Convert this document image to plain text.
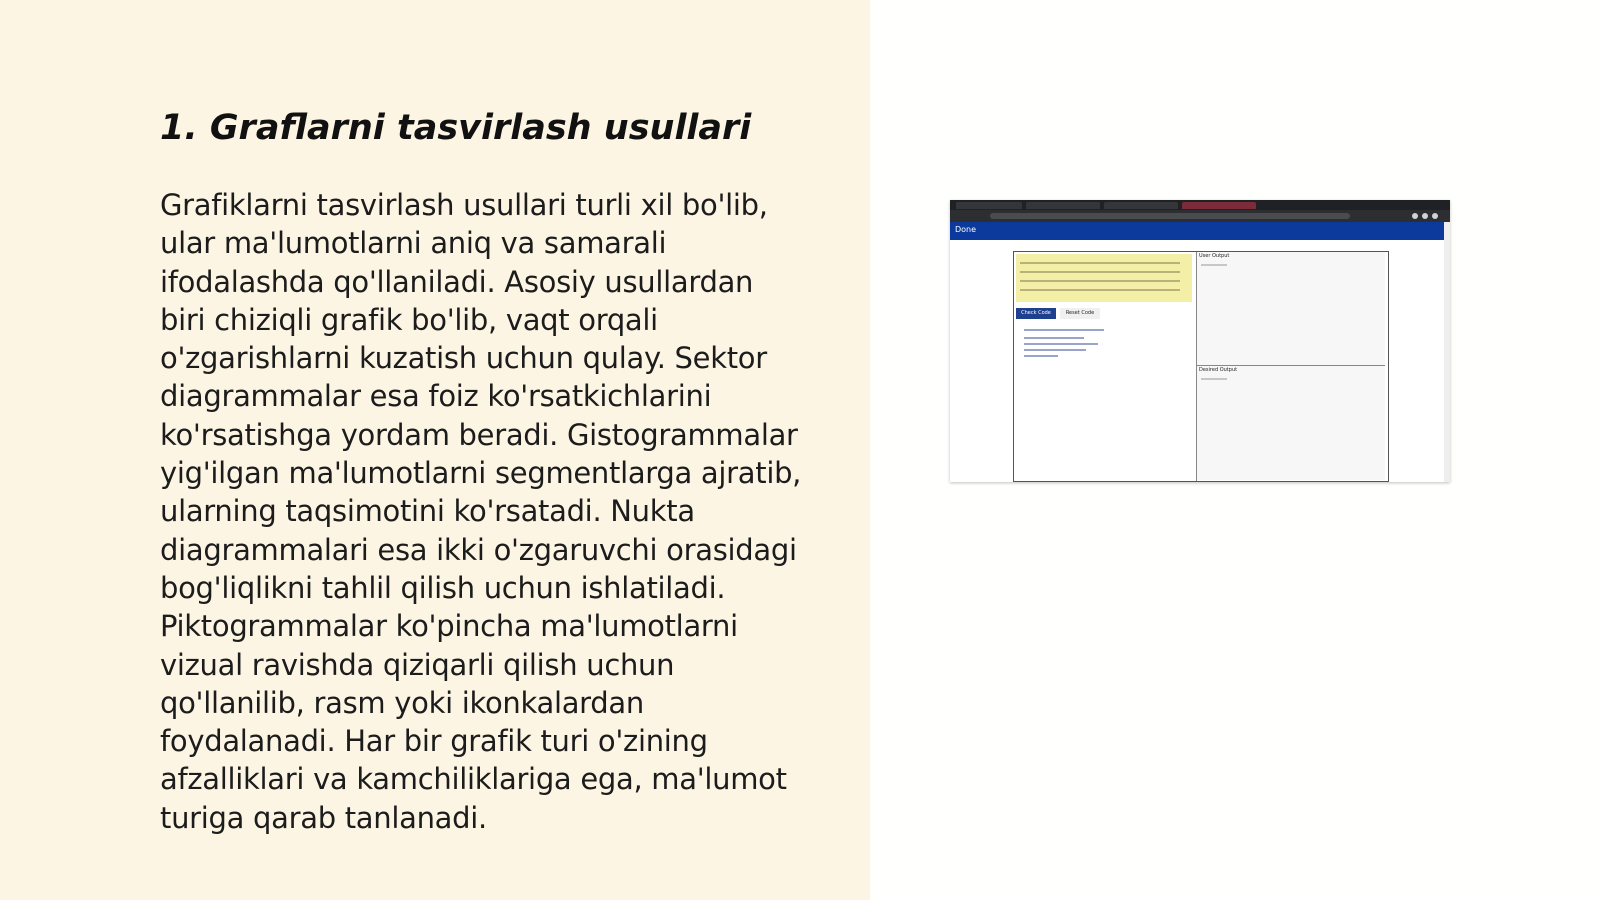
1. Graflarni tasvirlash usullari
Grafiklarni tasvirlash usullari turli xil bo'lib,
ular ma'lumotlarni aniq va samarali
ifodalashda qo'llaniladi. Asosiy usullardan
biri chiziqli grafik bo'lib, vaqt orqali
o'zgarishlarni kuzatish uchun qulay. Sektor
diagrammalar esa foiz ko'rsatkichlarini
ko'rsatishga yordam beradi. Gistogrammalar
yig'ilgan ma'lumotlarni segmentlarga ajratib,
ularning taqsimotini ko'rsatadi. Nukta
diagrammalari esa ikki o'zgaruvchi orasidagi
bog'liqlikni tahlil qilish uchun ishlatiladi.
Piktogrammalar ko'pincha ma'lumotlarni
vizual ravishda qiziqarli qilish uchun
qo'llanilib, rasm yoki ikonkalardan
foydalanadi. Har bir grafik turi o'zining
afzalliklari va kamchiliklariga ega, ma'lumot
turiga qarab tanlanadi.
Done
Check Code	Reset Code
User Output
Desired Output
